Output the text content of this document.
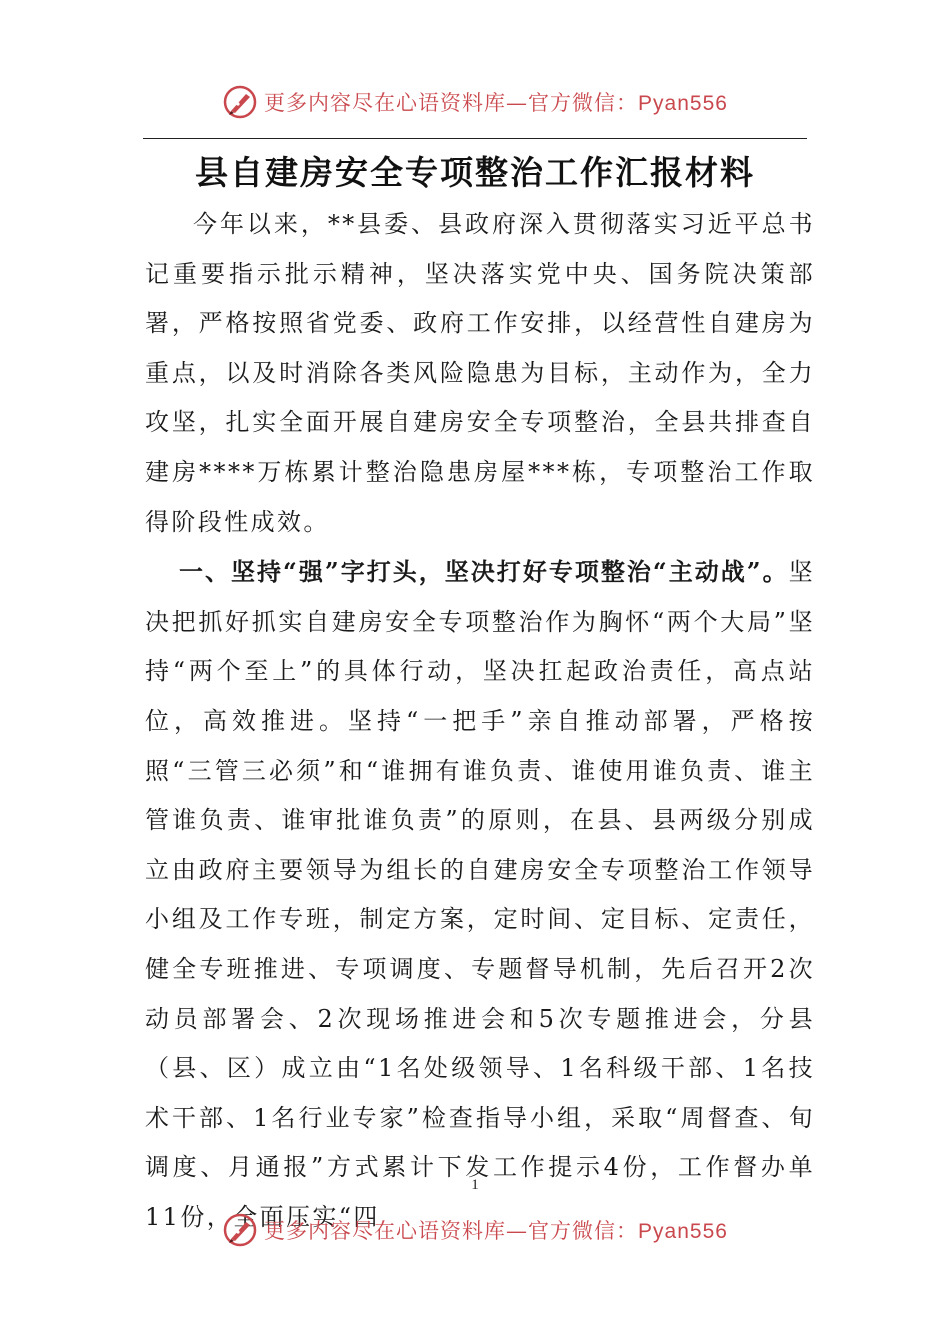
更多内容尽在心语资料库—官方微信：Pyan556
县自建房安全专项整治工作汇报材料

今年以来，**县委、县政府深入贯彻落实习近平总书记重要指示批示精神，坚决落实党中央、国务院决策部署，严格按照省党委、政府工作安排，以经营性自建房为重点，以及时消除各类风险隐患为目标，主动作为，全力攻坚，扎实全面开展自建房安全专项整治，全县共排查自建房****万栋累计整治隐患房屋***栋，专项整治工作取得阶段性成效。

一、坚持“强”字打头，坚决打好专项整治“主动战”。坚决把抓好抓实自建房安全专项整治作为胸怀“两个大局”坚持“两个至上”的具体行动，坚决扛起政治责任，高点站位，高效推进。坚持“一把手”亲自推动部署，严格按照“三管三必须”和“谁拥有谁负责、谁使用谁负责、谁主管谁负责、谁审批谁负责”的原则，在县、县两级分别成立由政府主要领导为组长的自建房安全专项整治工作领导小组及工作专班，制定方案，定时间、定目标、定责任，健全专班推进、专项调度、专题督导机制，先后召开2次动员部署会、2次现场推进会和5次专题推进会，分县（县、区）成立由“1名处级领导、1名科级干部、1名技术干部、1名行业专家”检查指导小组，采取“周督查、旬调度、月通报”方式累计下发工作提示4份，工作督办单11份，全面压实“四

1
更多内容尽在心语资料库—官方微信：Pyan556
